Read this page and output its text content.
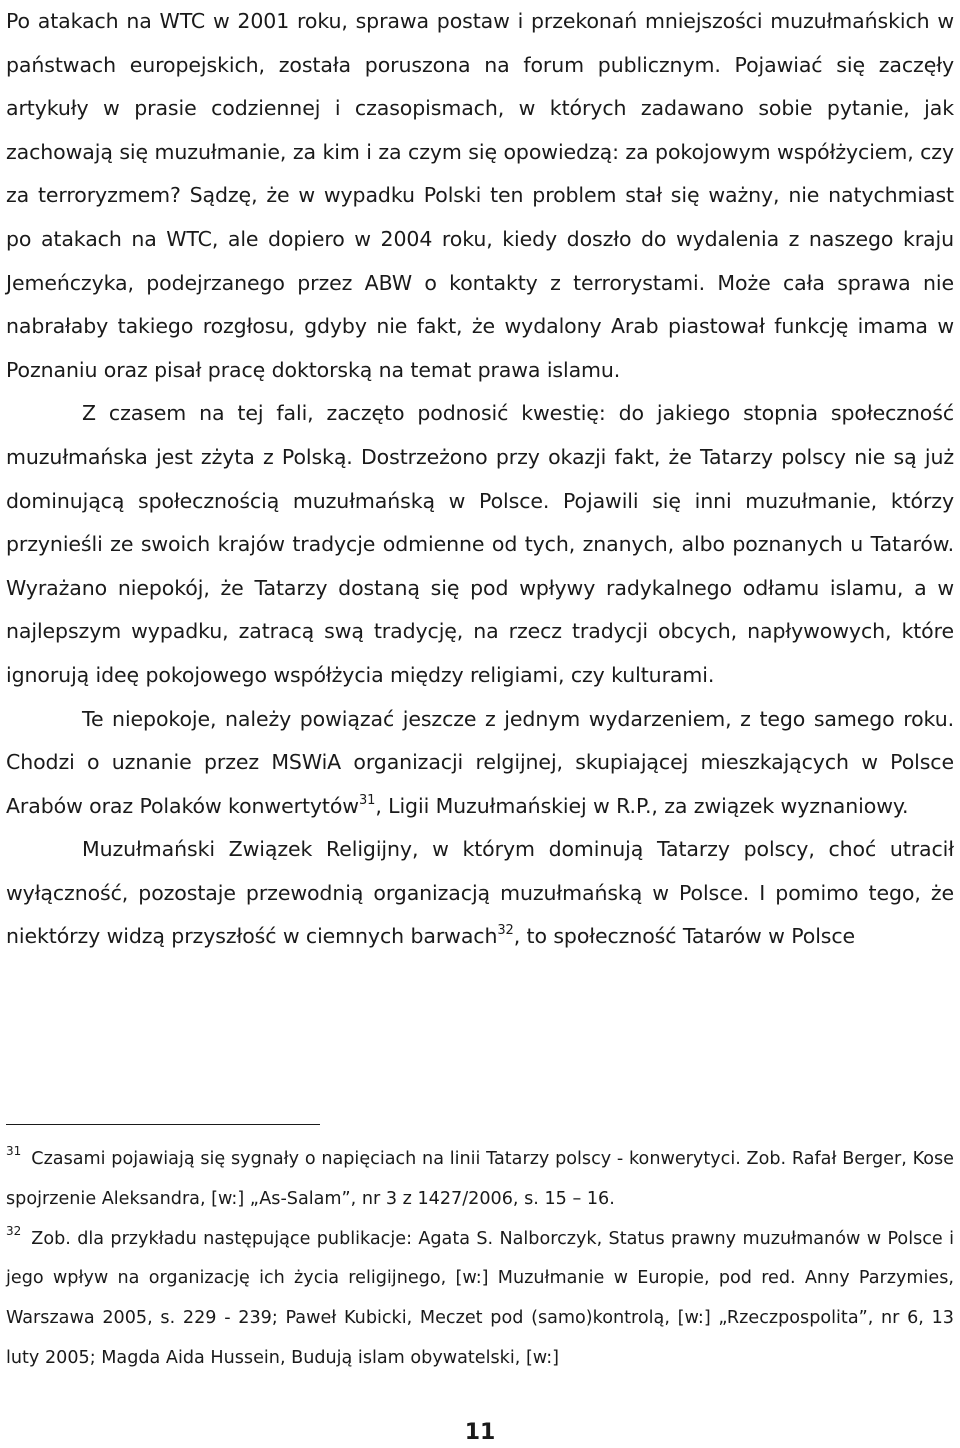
Po atakach na WTC w 2001 roku, sprawa postaw i przekonań mniejszości muzułmańskich w państwach europejskich, została poruszona na forum publicznym. Pojawiać się zaczęły artykuły w prasie codziennej i czasopismach, w których zadawano sobie pytanie, jak zachowają się muzułmanie, za kim i za czym się opowiedzą: za pokojowym współżyciem, czy za terroryzmem? Sądzę, że w wypadku Polski ten problem stał się ważny, nie natychmiast po atakach na WTC, ale dopiero w 2004 roku, kiedy doszło do wydalenia z naszego kraju Jemeńczyka, podejrzanego przez ABW o kontakty z terrorystami. Może cała sprawa nie nabrałaby takiego rozgłosu, gdyby nie fakt, że wydalony Arab piastował funkcję imama w Poznaniu oraz pisał pracę doktorską na temat prawa islamu.

Z czasem na tej fali, zaczęto podnosić kwestię: do jakiego stopnia społeczność muzułmańska jest zżyta z Polską. Dostrzeżono przy okazji fakt, że Tatarzy polscy nie są już dominującą społecznością muzułmańską w Polsce. Pojawili się inni muzułmanie, którzy przynieśli ze swoich krajów tradycje odmienne od tych, znanych, albo poznanych u Tatarów. Wyrażano niepokój, że Tatarzy dostaną się pod wpływy radykalnego odłamu islamu, a w najlepszym wypadku, zatracą swą tradycję, na rzecz tradycji obcych, napływowych, które ignorują ideę pokojowego współżycia między religiami, czy kulturami.

Te niepokoje, należy powiązać jeszcze z jednym wydarzeniem, z tego samego roku. Chodzi o uznanie przez MSWiA organizacji relgijnej, skupiającej mieszkających w Polsce Arabów oraz Polaków konwertytów$^{31}$, Ligii Muzułmańskiej w R.P., za związek wyznaniowy.

Muzułmański Związek Religijny, w którym dominują Tatarzy polscy, choć utracił wyłączność, pozostaje przewodnią organizacją muzułmańską w Polsce. I pomimo tego, że niektórzy widzą przyszłość w ciemnych barwach$^{32}$, to społeczność Tatarów w Polsce

$^{31}$ Czasami pojawiają się sygnały o napięciach na linii Tatarzy polscy - konwerytyci. Zob. Rafał Berger, Kose spojrzenie Aleksandra, [w:] „As-Salam”, nr 3 z 1427/2006, s. 15 – 16.

$^{32}$ Zob. dla przykładu następujące publikacje: Agata S. Nalborczyk, Status prawny muzułmanów w Polsce i jego wpływ na organizację ich życia religijnego, [w:] Muzułmanie w Europie, pod red. Anny Parzymies, Warszawa 2005, s. 229 - 239; Paweł Kubicki, Meczet pod (samo)kontrolą, [w:] „Rzeczpospolita”, nr 6, 13 luty 2005; Magda Aida Hussein, Budują islam obywatelski, [w:]

11
